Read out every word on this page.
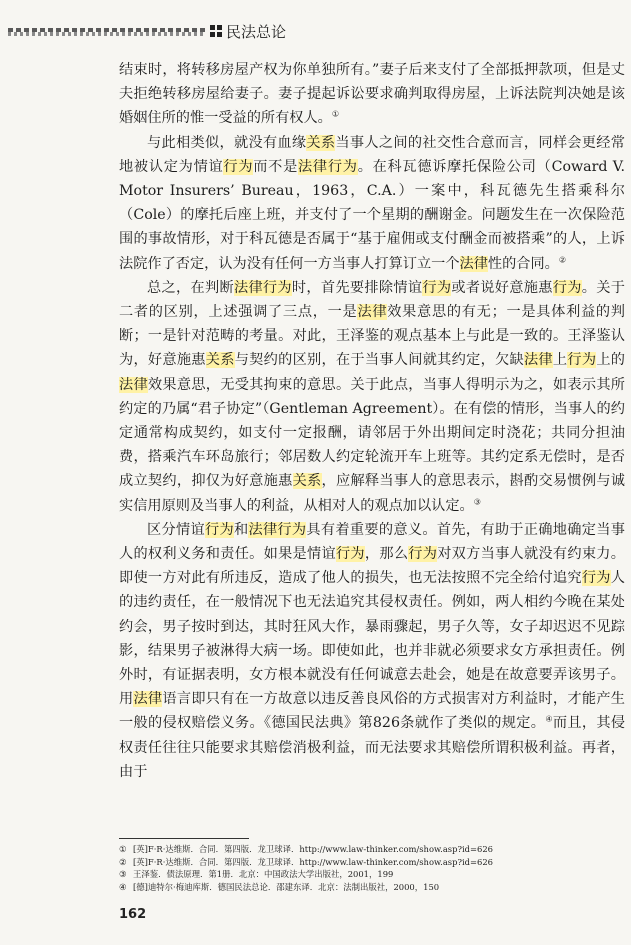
民法总论

结束时，将转移房屋产权为你单独所有。”妻子后来支付了全部抵押款项，但是丈夫拒绝转移房屋给妻子。妻子提起诉讼要求确判取得房屋，上诉法院判决她是该婚姻住所的惟一受益的所有权人。①

与此相类似，就没有血缘关系当事人之间的社交性合意而言，同样会更经常地被认定为情谊行为而不是法律行为。在科瓦德诉摩托保险公司（Coward V. Motor Insurers’ Bureau，1963，C.A.）一案中，科瓦德先生搭乘科尔（Cole）的摩托后座上班，并支付了一个星期的酬谢金。问题发生在一次保险范围的事故情形，对于科瓦德是否属于“基于雇佣或支付酬金而被搭乘”的人，上诉法院作了否定，认为没有任何一方当事人打算订立一个法律性的合同。②

总之，在判断法律行为时，首先要排除情谊行为或者说好意施惠行为。关于二者的区别，上述强调了三点，一是法律效果意思的有无；一是具体利益的判断；一是针对范畴的考量。对此，王泽鉴的观点基本上与此是一致的。王泽鉴认为，好意施惠关系与契约的区别，在于当事人间就其约定，欠缺法律上行为上的法律效果意思，无受其拘束的意思。关于此点，当事人得明示为之，如表示其所约定的乃属“君子协定”（Gentleman Agreement）。在有偿的情形，当事人的约定通常构成契约，如支付一定报酬，请邻居于外出期间定时浇花；共同分担油费，搭乘汽车环岛旅行；邻居数人约定轮流开车上班等。其约定系无偿时，是否成立契约，抑仅为好意施惠关系，应解释当事人的意思表示，斟酌交易惯例与诚实信用原则及当事人的利益，从相对人的观点加以认定。③

区分情谊行为和法律行为具有着重要的意义。首先，有助于正确地确定当事人的权利义务和责任。如果是情谊行为，那么行为对双方当事人就没有约束力。即使一方对此有所违反，造成了他人的损失，也无法按照不完全给付追究行为人的违约责任，在一般情况下也无法追究其侵权责任。例如，两人相约今晚在某处约会，男子按时到达，其时狂风大作，暴雨骤起，男子久等，女子却迟迟不见踪影，结果男子被淋得大病一场。即使如此，也并非就必须要求女方承担责任。例外时，有证据表明，女方根本就没有任何诚意去赴会，她是在故意要弄该男子。用法律语言即只有在一方故意以违反善良风俗的方式损害对方利益时，才能产生一般的侵权赔偿义务。《德国民法典》第826条就作了类似的规定。④而且，其侵权责任往往只能要求其赔偿消极利益，而无法要求其赔偿所谓积极利益。再者，由于

① [英]F·R·达维斯．合同．第四版．龙卫球译．http://www.law-thinker.com/show.asp?id=626
② [英]F·R·达维斯．合同．第四版．龙卫球译．http://www.law-thinker.com/show.asp?id=626
③ 王泽鉴．债法原理．第1册．北京：中国政法大学出版社，2001，199
④ [德]迪特尔·梅迪库斯．德国民法总论．邵建东译．北京：法制出版社，2000，150
162
